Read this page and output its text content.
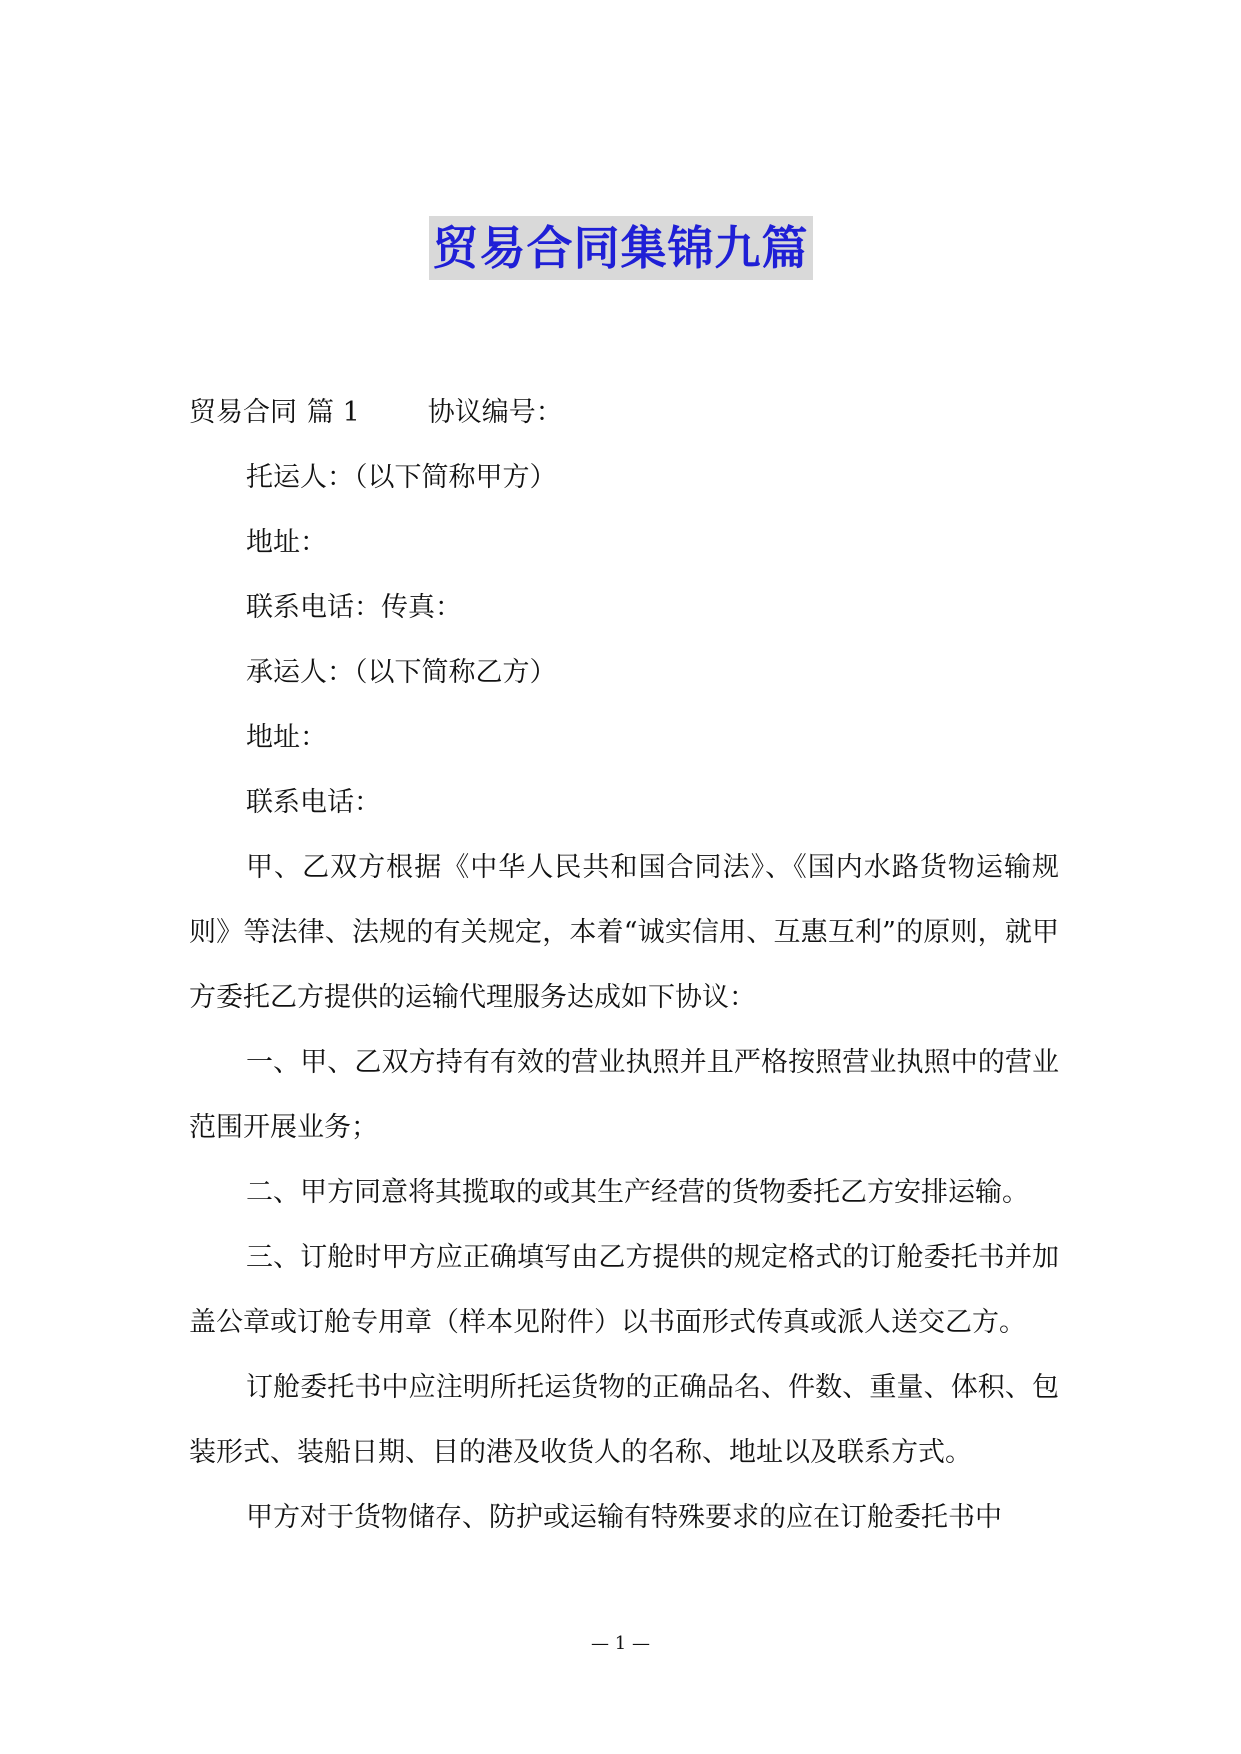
贸易合同集锦九篇

贸易合同 篇 1	协议编号：

托运人：（以下简称甲方）

地址：

联系电话：传真：

承运人：（以下简称乙方）

地址：

联系电话：

甲、乙双方根据《中华人民共和国合同法》、《国内水路货物运输规则》等法律、法规的有关规定，本着“诚实信用、互惠互利”的原则，就甲方委托乙方提供的运输代理服务达成如下协议：

一、甲、乙双方持有有效的营业执照并且严格按照营业执照中的营业范围开展业务；

二、甲方同意将其揽取的或其生产经营的货物委托乙方安排运输。

三、订舱时甲方应正确填写由乙方提供的规定格式的订舱委托书并加盖公章或订舱专用章（样本见附件）以书面形式传真或派人送交乙方。

订舱委托书中应注明所托运货物的正确品名、件数、重量、体积、包装形式、装船日期、目的港及收货人的名称、地址以及联系方式。

甲方对于货物储存、防护或运输有特殊要求的应在订舱委托书中

— 1 —
